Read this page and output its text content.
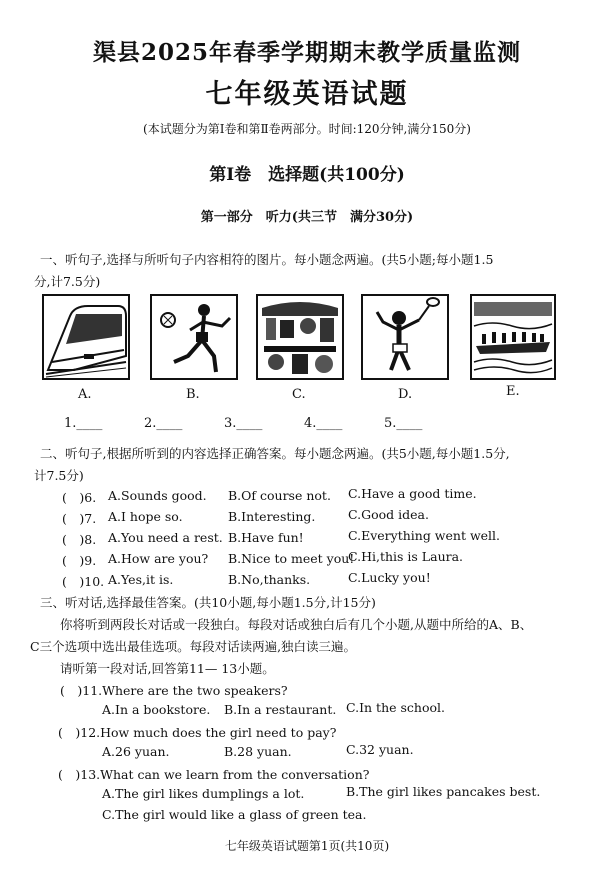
渠县2025年春季学期期末教学质量监测
七年级英语试题
(本试题分为第Ⅰ卷和第Ⅱ卷两部分。时间:120分钟,满分150分)
第Ⅰ卷　选择题(共100分)
第一部分　听力(共三节　满分30分)
一、听句子,选择与所听句子内容相符的图片。每小题念两遍。(共5小题;每小题1.5
分,计7.5分)
A.	B.	C.	D.	E.
1.____	2.____	3.____	4.____	5.____
二、听句子,根据所听到的内容选择正确答案。每小题念两遍。(共5小题,每小题1.5分,
计7.5分)
(　)6. A.Sounds good. B.Of course not. C.Have a good time.
(　)7. A.I hope so.	B.Interesting.	C.Good idea.
(　)8. A.You need a rest. B.Have fun!	C.Everything went well.
(　)9. A.How are you? B.Nice to meet you!
C.Hi,this is Laura.
(　)10. A.Yes,it is.	B.No,thanks.	C.Lucky you!
三、听对话,选择最佳答案。(共10小题,每小题1.5分,计15分)
你将听到两段长对话或一段独白。每段对话或独白后有几个小题,从题中所给的A、B、
C三个选项中选出最佳选项。每段对话读两遍,独白读三遍。
请听第一段对话,回答第11— 13小题。
(　)11.Where are the two speakers?
A.In a bookstore. B.In a restaurant. C.In the school.
(　)12.How much does the girl need to pay?
A.26 yuan.	B.28 yuan.	C.32 yuan.
(　)13.What can we learn from the conversation?
A.The girl likes dumplings a lot.	B.The girl likes pancakes best.
C.The girl would like a glass of green tea.
七年级英语试题第1页(共10页)
